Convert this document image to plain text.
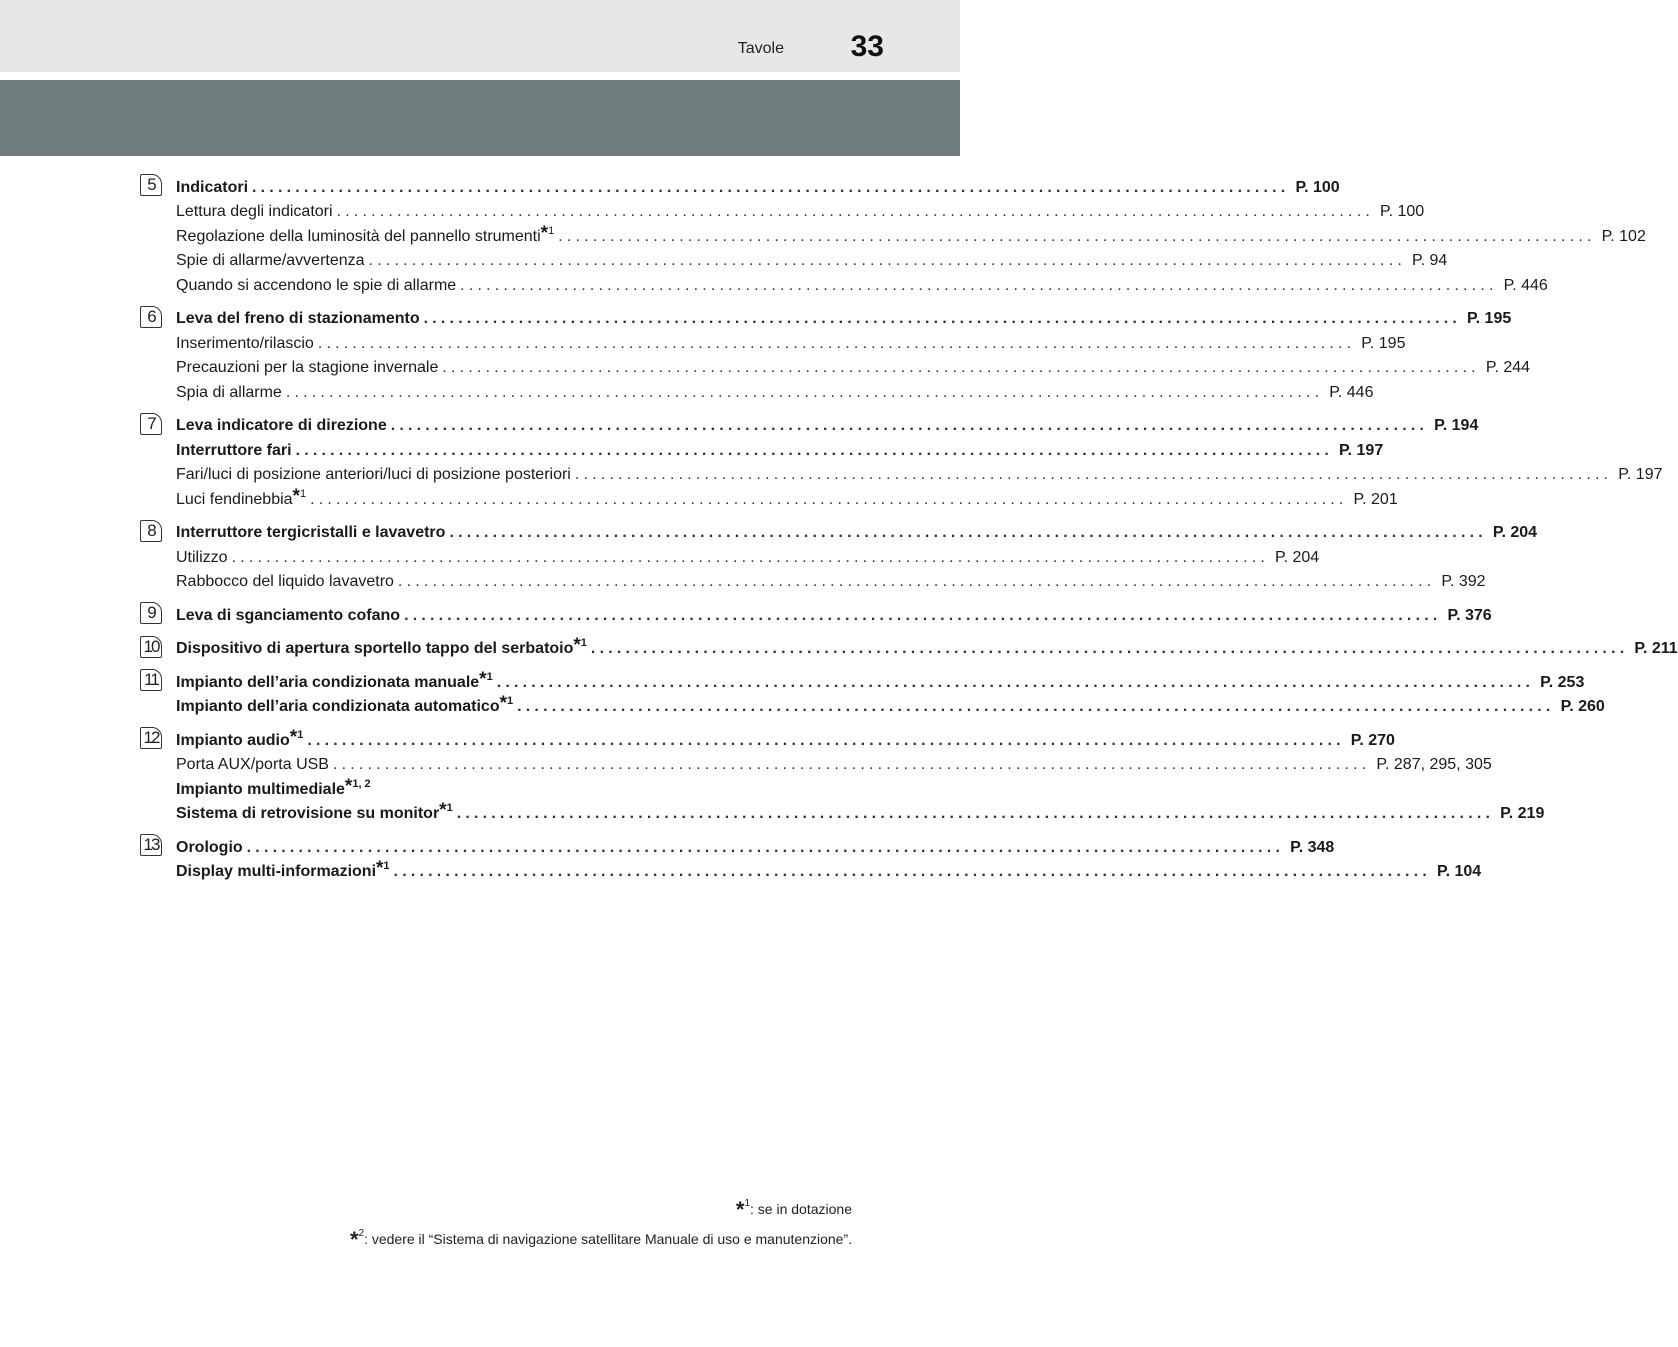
Tavole 33
5	Indicatori ........................................................................................................................ P. 100
Lettura degli indicatori ........................................................................................................................ P. 100
Regolazione della luminosità del pannello strumenti$^{*1}$ ........................................................................................................................ P. 102
Spie di allarme/avvertenza ........................................................................................................................ P. 94
Quando si accendono le spie di allarme ........................................................................................................................ P. 446
6	Leva del freno di stazionamento ........................................................................................................................ P. 195
Inserimento/rilascio ........................................................................................................................ P. 195
Precauzioni per la stagione invernale ........................................................................................................................ P. 244
Spia di allarme ........................................................................................................................ P. 446
7	Leva indicatore di direzione ........................................................................................................................ P. 194
Interruttore fari ........................................................................................................................ P. 197
Fari/luci di posizione anteriori/luci di posizione posteriori ........................................................................................................................ P. 197
Luci fendinebbia$^{*1}$ ........................................................................................................................ P. 201
8	Interruttore tergicristalli e lavavetro ........................................................................................................................ P. 204
Utilizzo ........................................................................................................................ P. 204
Rabbocco del liquido lavavetro ........................................................................................................................ P. 392
9	Leva di sganciamento cofano ........................................................................................................................ P. 376
10 Dispositivo di apertura sportello tappo del serbatoio$^{*1}$ ........................................................................................................................ P. 211
11 Impianto dell’aria condizionata manuale$^{*1}$ ........................................................................................................................ P. 253
Impianto dell’aria condizionata automatico$^{*1}$ ........................................................................................................................ P. 260
12 Impianto audio$^{*1}$ ........................................................................................................................ P. 270
Porta AUX/porta USB ........................................................................................................................ P. 287, 295, 305
Impianto multimediale$^{*1, 2}$
Sistema di retrovisione su monitor$^{*1}$ ........................................................................................................................ P. 219
13 Orologio ........................................................................................................................ P. 348
Display multi-informazioni$^{*1}$ ........................................................................................................................ P. 104
*$^1$: se in dotazione
*$^2$: vedere il “Sistema di navigazione satellitare Manuale di uso e manutenzione”.
